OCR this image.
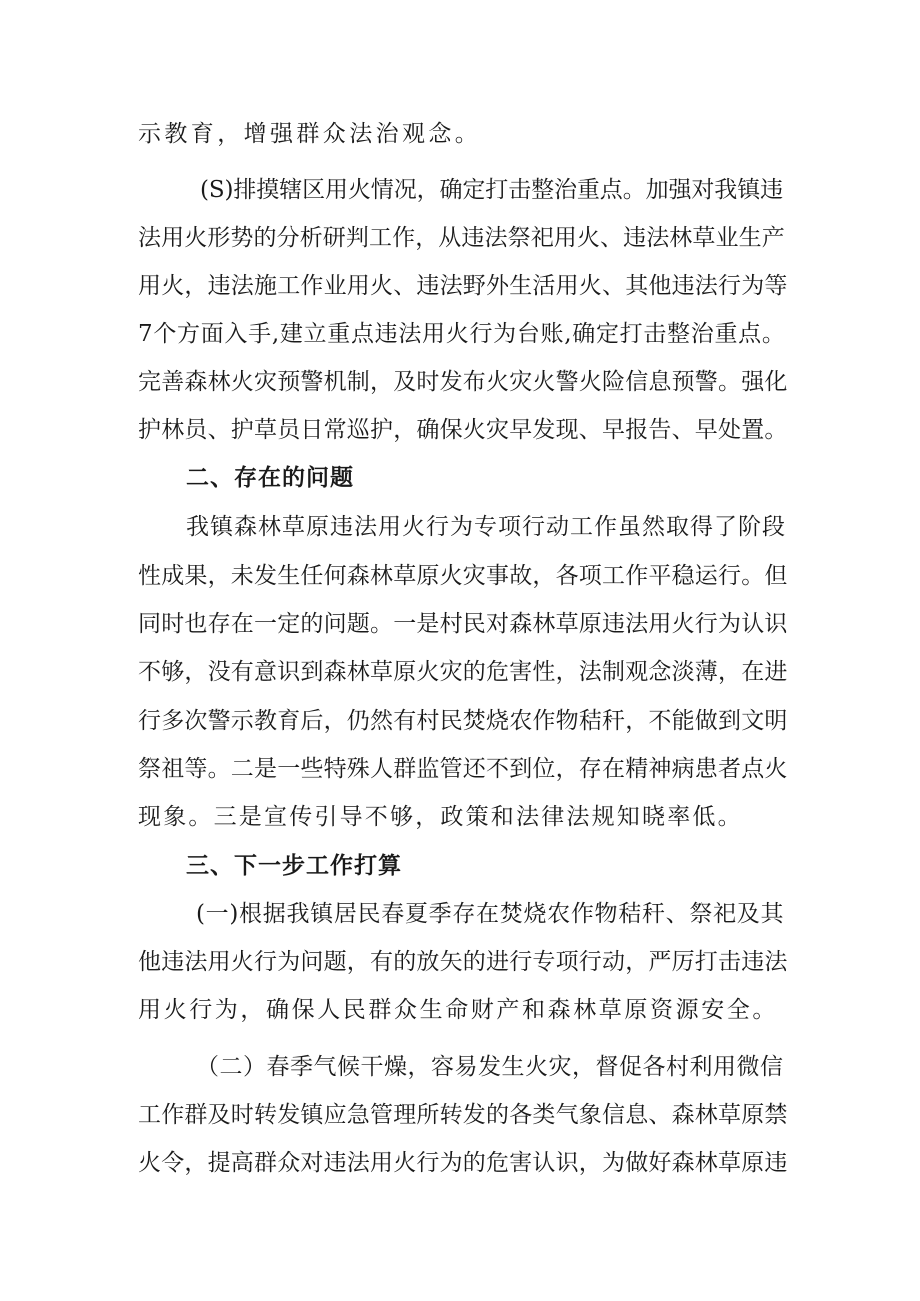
示教育，增强群众法治观念。
(S)排摸辖区用火情况，确定打击整治重点。加强对我镇违
法用火形势的分析研判工作，从违法祭祀用火、违法林草业生产
用火，违法施工作业用火、违法野外生活用火、其他违法行为等
7个方面入手,建立重点违法用火行为台账,确定打击整治重点。
完善森林火灾预警机制，及时发布火灾火警火险信息预警。强化
护林员、护草员日常巡护，确保火灾早发现、早报告、早处置。
二、存在的问题
我镇森林草原违法用火行为专项行动工作虽然取得了阶段
性成果，未发生任何森林草原火灾事故，各项工作平稳运行。但
同时也存在一定的问题。一是村民对森林草原违法用火行为认识
不够，没有意识到森林草原火灾的危害性，法制观念淡薄，在进
行多次警示教育后，仍然有村民焚烧农作物秸秆，不能做到文明
祭祖等。二是一些特殊人群监管还不到位，存在精神病患者点火
现象。三是宣传引导不够，政策和法律法规知晓率低。
三、下一步工作打算
(一)根据我镇居民春夏季存在焚烧农作物秸秆、祭祀及其
他违法用火行为问题，有的放矢的进行专项行动，严厉打击违法
用火行为，确保人民群众生命财产和森林草原资源安全。
（二）春季气候干燥，容易发生火灾，督促各村利用微信
工作群及时转发镇应急管理所转发的各类气象信息、森林草原禁
火令，提高群众对违法用火行为的危害认识，为做好森林草原违
